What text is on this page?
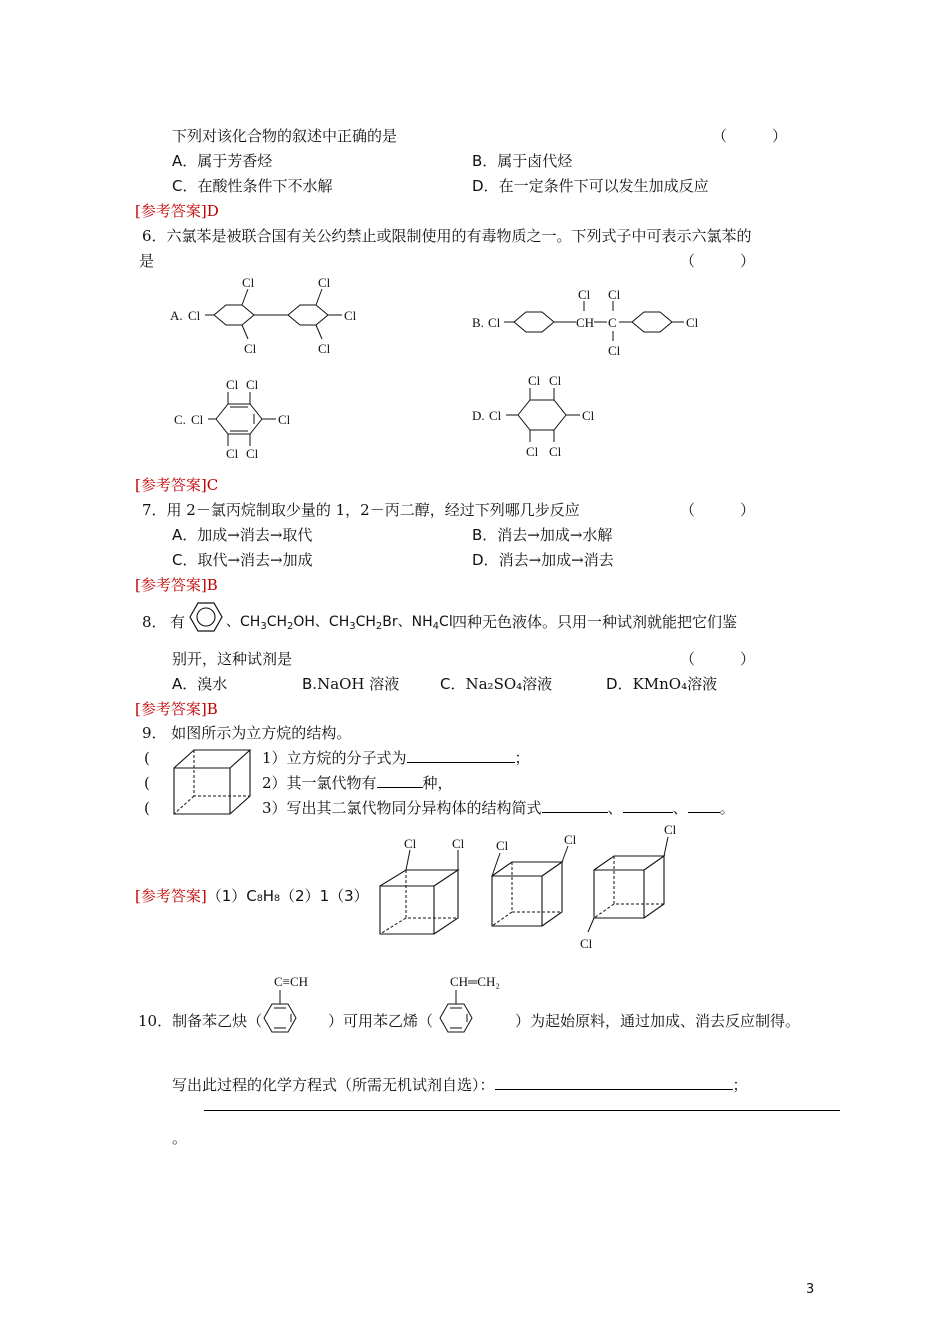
下列对该化合物的叙述中正确的是	（　　　）
A．属于芳香烃	B．属于卤代烃
C．在酸性条件下不水解	D．在一定条件下可以发生加成反应
[参考答案]D
6．六氯苯是被联合国有关公约禁止或限制使用的有毒物质之一。下列式子中可表示六氯苯的
是	（　　　）
A. Cl
Cl
Cl
Cl
Cl
Cl
B. Cl	CH
Cl
C
Cl
Cl
Cl
C. Cl
Cl Cl
Cl
Cl Cl
D. Cl
Cl Cl
Cl
Cl Cl
[参考答案]C
7．用 2－氯丙烷制取少量的 1，2－丙二醇，经过下列哪几步反应	（　　　）
A．加成→消去→取代	B．消去→加成→水解
C．取代→消去→加成	D．消去→加成→消去
[参考答案]B
8． 有	、$CH_3CH_2OH$、$CH_3CH_2Br$、$NH_4Cl$ 四种无色液体。只用一种试剂就能把它们鉴
别开，这种试剂是	（　　　）
A．溴水	B.NaOH 溶液	C．Na₂SO₄溶液	D．KMnO₄溶液
[参考答案]B
9． 如图所示为立方烷的结构。
(
(
(
1）立方烷的分子式为	；
2）其一氯代物有	种，
3）写出其二氯代物同分异构体的结构简式	、	、 。
[参考答案]（1）C₈H₈（2）1（3）
Cl	Cl Cl	Cl
Cl
Cl
C≡CH	CH═CH₂
10．制备苯乙炔（	）可用苯乙烯（	）为起始原料，通过加成、消去反应制得。
写出此过程的化学方程式（所需无机试剂自选）：	；
。
3
